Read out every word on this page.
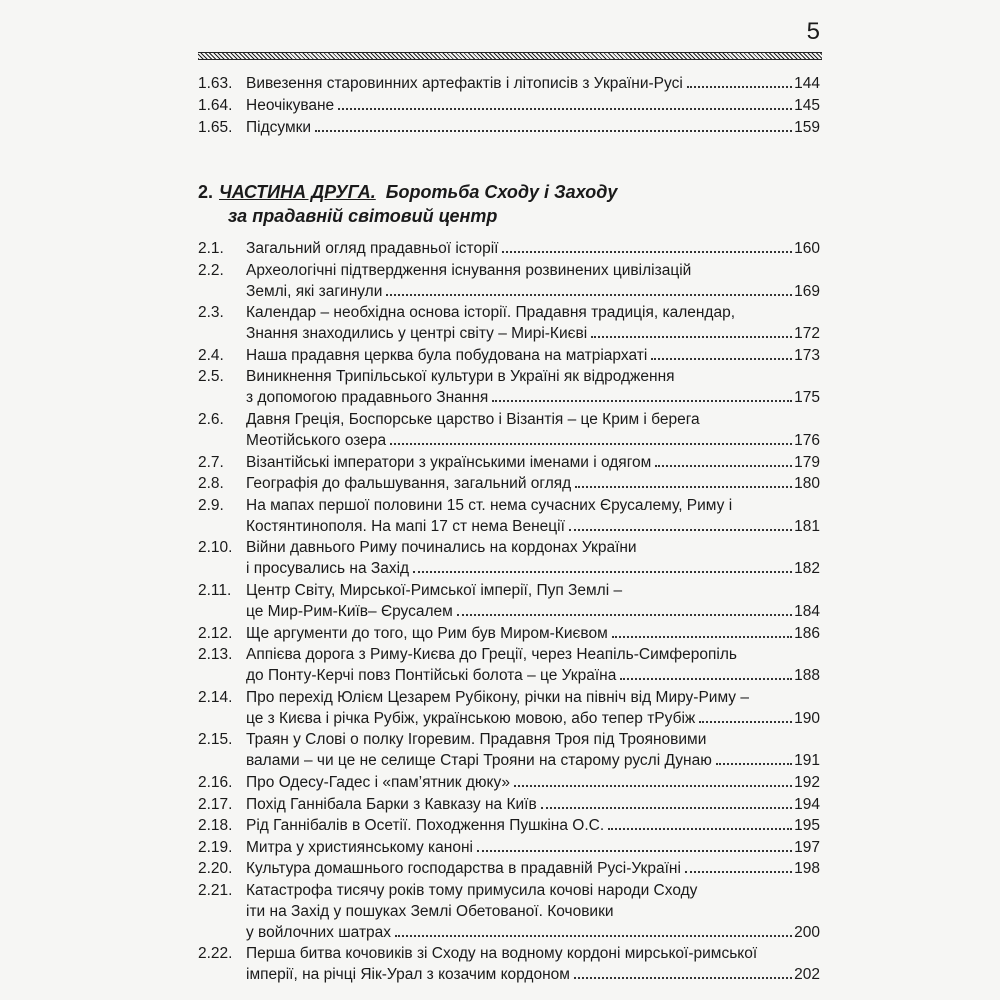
5
1.63. Вивезення старовинних артефактів і літописів з України-Русі	144
1.64. Неочікуване	145
1.65. Підсумки	159
2. ЧАСТИНА ДРУГА. Боротьба Сходу і Заходу
за прадавній світовий центр
2.1. Загальний огляд прадавньої історії	160
2.2. Археологічні підтвердження існування розвинених цивілізацій
Землі, які загинули	169
2.3. Календар – необхідна основа історії. Прадавня традиція, календар,
Знання знаходились у центрі світу – Мирі-Києві	172
2.4. Наша прадавня церква була побудована на матріархаті	173
2.5. Виникнення Трипільської культури в Україні як відродження
з допомогою прадавнього Знання	175
2.6. Давня Греція, Боспорське царство і Візантія – це Крим і берега
Меотійського озера	176
2.7. Візантійські імператори з українськими іменами і одягом	179
2.8. Географія до фальшування, загальний огляд	180
2.9. На мапах першої половини 15 ст. нема сучасних Єрусалему, Риму і
Костянтинополя. На мапі 17 ст нема Венеції	181
2.10. Війни давнього Риму починались на кордонах України
і просувались на Захід	182
2.11. Центр Світу, Мирської-Римської імперії, Пуп Землі –
це Мир-Рим-Київ– Єрусалем	184
2.12. Ще аргументи до того, що Рим був Миром-Києвом	186
2.13. Аппієва дорога з Риму-Києва до Греції, через Неапіль-Симферопіль
до Понту-Керчі повз Понтійські болота – це Україна	188
2.14. Про перехід Юлієм Цезарем Рубікону, річки на північ від Миру-Риму –
це з Києва і річка Рубіж, українською мовою, або тепер тРубіж	190
2.15. Траян у Слові о полку Ігоревим. Прадавня Троя під Трояновими
валами – чи це не селище Старі Трояни на старому руслі Дунаю	191
2.16. Про Одесу-Гадес і «пам’ятник дюку»	192
2.17. Похід Ганнібала Барки з Кавказу на Київ	194
2.18. Рід Ганнібалів в Осетії. Походження Пушкіна О.С.	195
2.19. Митра у християнському каноні	197
2.20. Культура домашнього господарства в прадавній Русі-Україні	198
2.21. Катастрофа тисячу років тому примусила кочові народи Сходу
іти на Захід у пошуках Землі Обетованої. Кочовики
у войлочних шатрах	200
2.22. Перша битва кочовиків зі Сходу на водному кордоні мирської-римської
імперії, на річці Яік-Урал з козачим кордоном	202
